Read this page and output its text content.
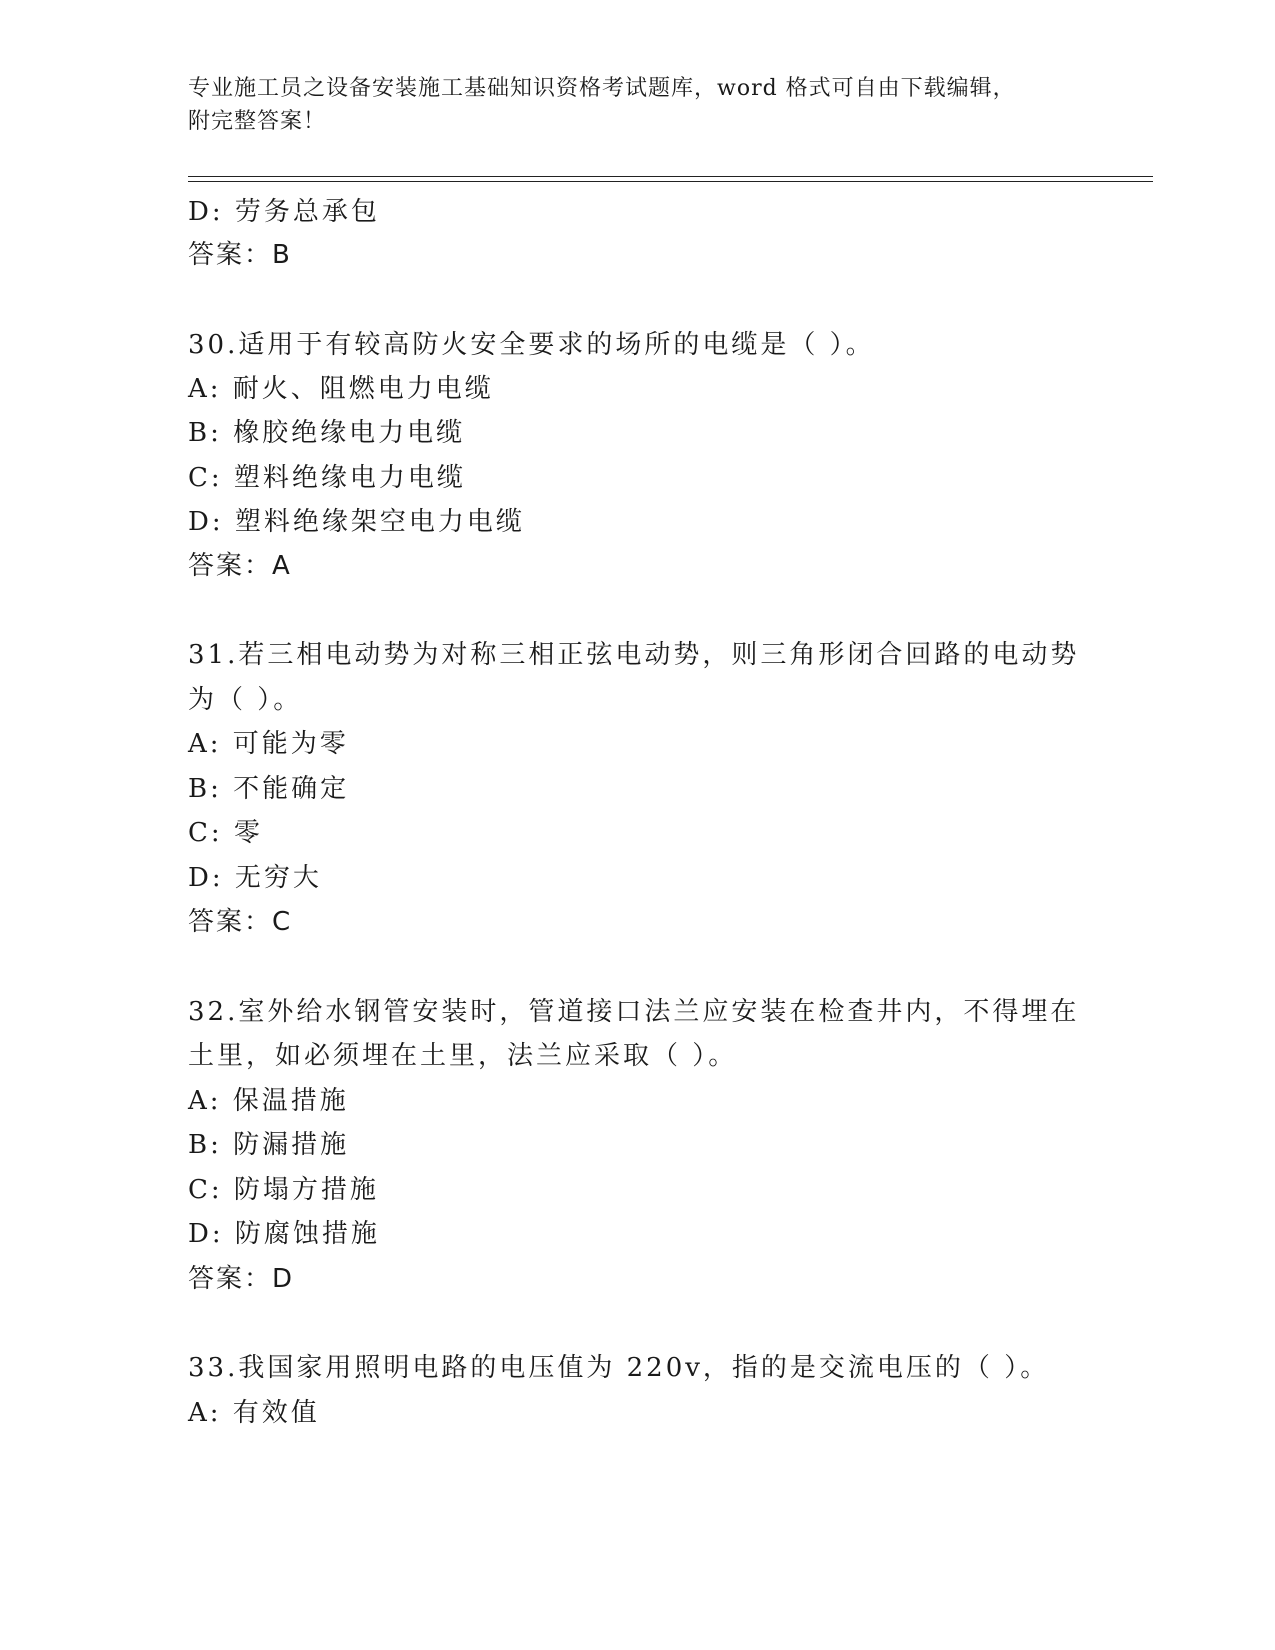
专业施工员之设备安装施工基础知识资格考试题库，word 格式可自由下载编辑，
附完整答案！
D: 劳务总承包
答案：B
30.适用于有较高防火安全要求的场所的电缆是（ ）。
A: 耐火、阻燃电力电缆
B: 橡胶绝缘电力电缆
C: 塑料绝缘电力电缆
D: 塑料绝缘架空电力电缆
答案：A
31.若三相电动势为对称三相正弦电动势，则三角形闭合回路的电动势
为（ ）。
A: 可能为零
B: 不能确定
C: 零
D: 无穷大
答案：C
32.室外给水钢管安装时，管道接口法兰应安装在检查井内，不得埋在
土里，如必须埋在土里，法兰应采取（ ）。
A: 保温措施
B: 防漏措施
C: 防塌方措施
D: 防腐蚀措施
答案：D
33.我国家用照明电路的电压值为 220v，指的是交流电压的（ ）。
A: 有效值
